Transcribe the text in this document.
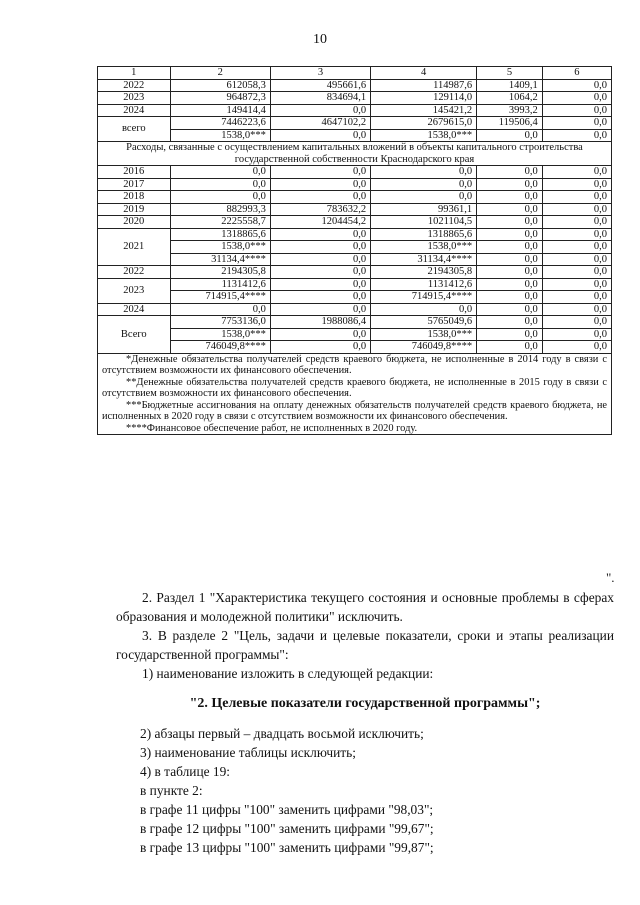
10
1	2	3	4	5	6
2022	612058,3	495661,6	114987,6	1409,1	0,0
2023	964872,3	834694,1	129114,0	1064,2	0,0
2024	149414,4	0,0	145421,2	3993,2	0,0
всего	7446223,6	4647102,2	2679615,0	119506,4	0,0
	1538,0***	0,0	1538,0***	0,0	0,0
Расходы, связанные с осуществлением капитальных вложений в объекты капитального строительства государственной собственности Краснодарского края					
2016	0,0	0,0	0,0	0,0	0,0
2017	0,0	0,0	0,0	0,0	0,0
2018	0,0	0,0	0,0	0,0	0,0
2019	882993,3	783632,2	99361,1	0,0	0,0
2020	2225558,7	1204454,2	1021104,5	0,0	0,0
2021	1318865,6	0,0	1318865,6	0,0	0,0
	1538,0***	0,0	1538,0***	0,0	0,0
	31134,4****	0,0	31134,4****	0,0	0,0
2022	2194305,8	0,0	2194305,8	0,0	0,0
2023	1131412,6	0,0	1131412,6	0,0	0,0
	714915,4****	0,0	714915,4****	0,0	0,0
2024	0,0	0,0	0,0	0,0	0,0
Всего	7753136,0	1988086,4	5765049,6	0,0	0,0
	1538,0***	0,0	1538,0***	0,0	0,0
	746049,8****	0,0	746049,8****	0,0	0,0

*Денежные обязательства получателей средств краевого бюджета, не исполненные в 2014 году в связи с отсутствием возможности их финансового обеспечения.

**Денежные обязательства получателей средств краевого бюджета, не исполненные в 2015 году в связи с отсутствием возможности их финансового обеспечения.

***Бюджетные ассигнования на оплату денежных обязательств получателей средств краевого бюджета, не исполненных в 2020 году в связи с отсутствием возможности их финансового обеспечения.

****Финансовое обеспечение работ, не исполненных в 2020 году.					

".

2. Раздел 1 "Характеристика текущего состояния и основные проблемы в сферах образования и молодежной политики" исключить.

3. В разделе 2 "Цель, задачи и целевые показатели, сроки и этапы реализации государственной программы":

1) наименование изложить в следующей редакции:

"2. Целевые показатели государственной программы";

2) абзацы первый – двадцать восьмой исключить;

3) наименование таблицы исключить;

4) в таблице 19:

в пункте 2:

в графе 11 цифры "100" заменить цифрами "98,03";

в графе 12 цифры "100" заменить цифрами "99,67";

в графе 13 цифры "100" заменить цифрами "99,87";
